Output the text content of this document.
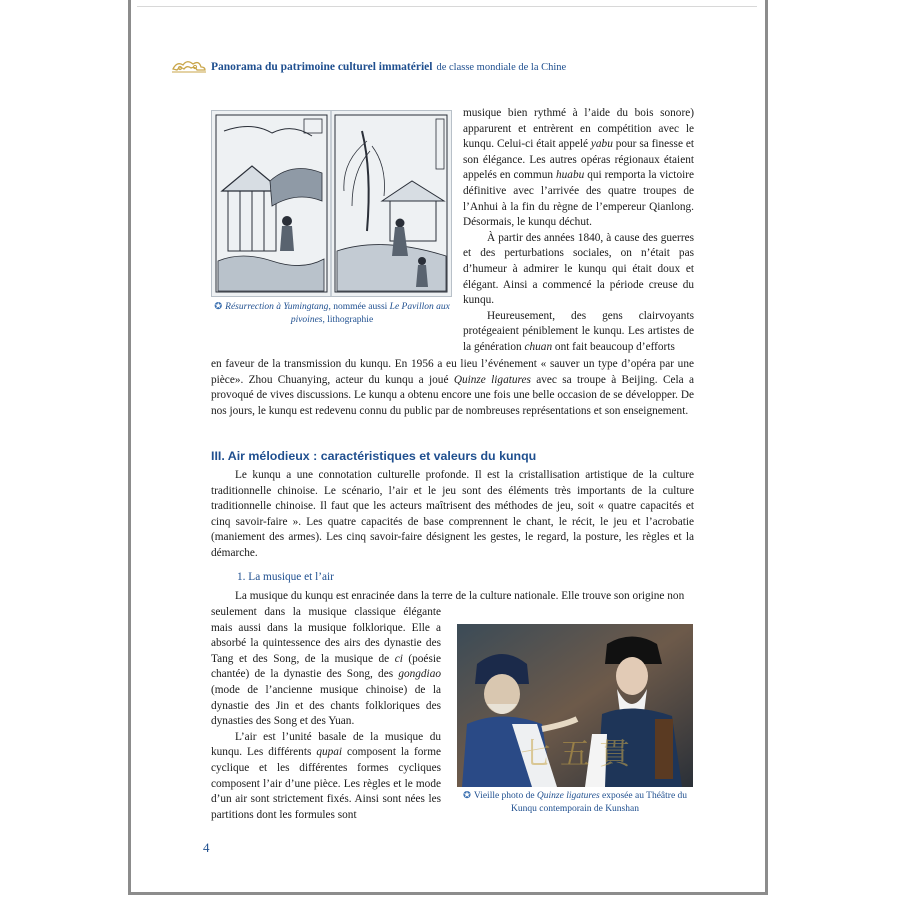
Panorama du patrimoine culturel immatériel de classe mondiale de la Chine
✪ Résurrection à Yumingtang, nommée aussi Le Pavillon aux pivoines, lithographie

musique bien rythmé à l’aide du bois sonore) apparurent et entrèrent en compétition avec le kunqu. Celui-ci était appelé yabu pour sa finesse et son élégance. Les autres opéras régionaux étaient appelés en commun huabu qui remporta la victoire définitive avec l’arrivée des quatre troupes de l’Anhui à la fin du règne de l’empereur Qianlong. Désormais, le kunqu déchut.

À partir des années 1840, à cause des guerres et des perturbations sociales, on n’était pas d’humeur à admirer le kunqu qui était doux et élégant. Ainsi a commencé la période creuse du kunqu.

Heureusement, des gens clairvoyants protégeaient péniblement le kunqu. Les artistes de la génération chuan ont fait beaucoup d’efforts

en faveur de la transmission du kunqu. En 1956 a eu lieu l’événement « sauver un type d’opéra par une pièce». Zhou Chuanying, acteur du kunqu a joué Quinze ligatures avec sa troupe à Beijing. Cela a provoqué de vives discussions. Le kunqu a obtenu encore une fois une belle occasion de se développer. De nos jours, le kunqu est redevenu connu du public par de nombreuses représentations et son enseignement.

III. Air mélodieux : caractéristiques et valeurs du kunqu

Le kunqu a une connotation culturelle profonde. Il est la cristallisation artistique de la culture traditionnelle chinoise. Le scénario, l’air et le jeu sont des éléments très importants de la culture traditionnelle chinoise. Il faut que les acteurs maîtrisent des méthodes de jeu, soit « quatre capacités et cinq savoir-faire ». Les quatre capacités de base comprennent le chant, le récit, le jeu et l’acrobatie (maniement des armes). Les cinq savoir-faire désignent les gestes, le regard, la posture, les règles et la démarche.

1. La musique et l’air

La musique du kunqu est enracinée dans la terre de la culture nationale. Elle trouve son origine non

seulement dans la musique classique élégante mais aussi dans la musique folklorique. Elle a absorbé la quintessence des airs des dynastie des Tang et des Song, de la musique de ci (poésie chantée) de la dynastie des Song, des gongdiao (mode de l’ancienne musique chinoise) de la dynastie des Jin et des chants folkloriques des dynasties des Song et des Yuan.

L’air est l’unité basale de la musique du kunqu. Les différents qupai composent la forme cyclique et les différentes formes cycliques composent l’air d’une pièce. Les règles et le mode d’un air sont strictement fixés. Ainsi sont nées les partitions dont les formules sont

七 五 貫
✪ Vieille photo de Quinze ligatures exposée au Théâtre du Kunqu contemporain de Kunshan
4
